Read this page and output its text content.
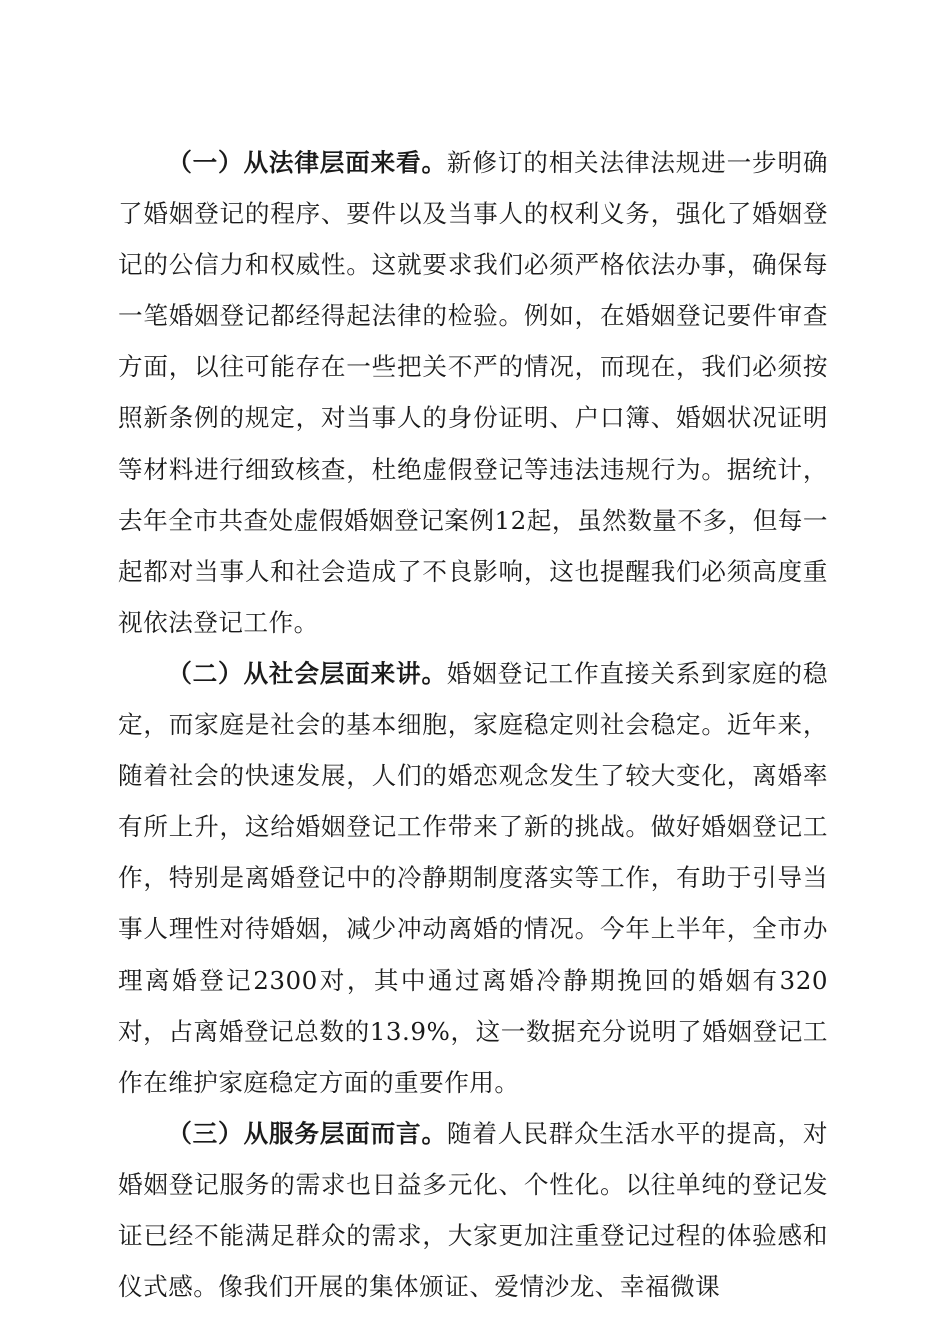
（一）从法律层面来看。新修订的相关法律法规进一步明确了婚姻登记的程序、要件以及当事人的权利义务，强化了婚姻登记的公信力和权威性。这就要求我们必须严格依法办事，确保每一笔婚姻登记都经得起法律的检验。例如，在婚姻登记要件审查方面，以往可能存在一些把关不严的情况，而现在，我们必须按照新条例的规定，对当事人的身份证明、户口簿、婚姻状况证明等材料进行细致核查，杜绝虚假登记等违法违规行为。据统计，去年全市共查处虚假婚姻登记案例12起，虽然数量不多，但每一起都对当事人和社会造成了不良影响，这也提醒我们必须高度重视依法登记工作。

（二）从社会层面来讲。婚姻登记工作直接关系到家庭的稳定，而家庭是社会的基本细胞，家庭稳定则社会稳定。近年来，随着社会的快速发展，人们的婚恋观念发生了较大变化，离婚率有所上升，这给婚姻登记工作带来了新的挑战。做好婚姻登记工作，特别是离婚登记中的冷静期制度落实等工作，有助于引导当事人理性对待婚姻，减少冲动离婚的情况。今年上半年，全市办理离婚登记2300对，其中通过离婚冷静期挽回的婚姻有320对，占离婚登记总数的13.9%，这一数据充分说明了婚姻登记工作在维护家庭稳定方面的重要作用。

（三）从服务层面而言。随着人民群众生活水平的提高，对婚姻登记服务的需求也日益多元化、个性化。以往单纯的登记发证已经不能满足群众的需求，大家更加注重登记过程的体验感和仪式感。像我们开展的集体颁证、爱情沙龙、幸福微课
